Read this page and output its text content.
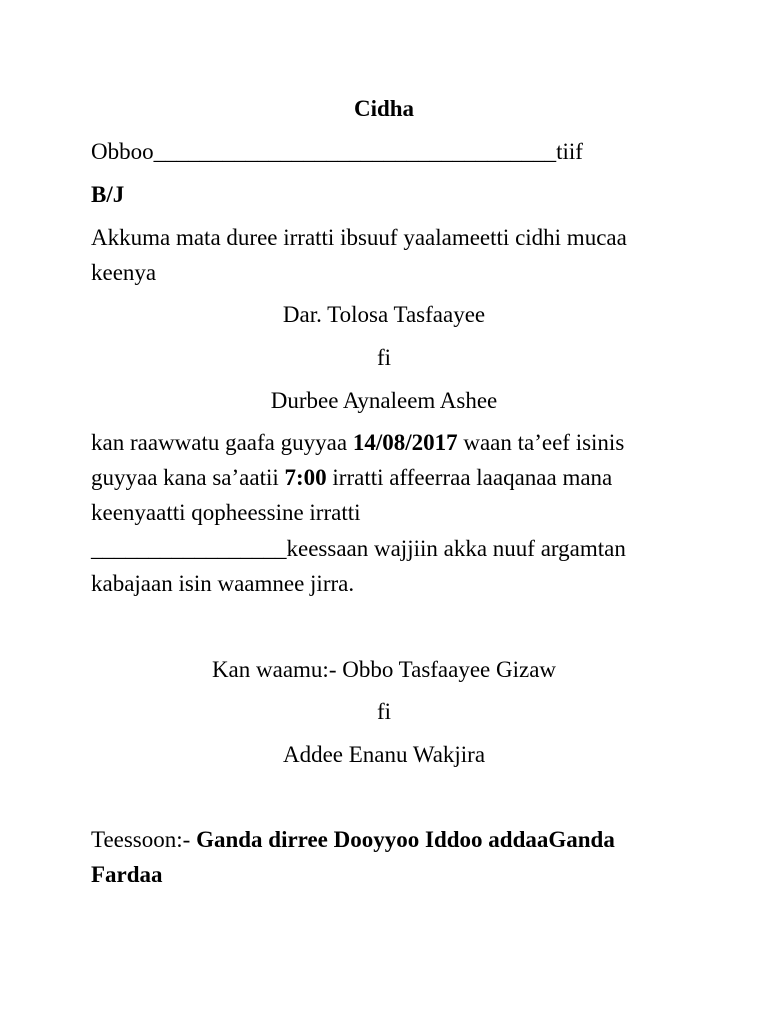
Cidha
Obboo___________________________________tiif
B/J
Akkuma mata duree irratti ibsuuf yaalameetti cidhi mucaa
keenya
Dar. Tolosa Tasfaayee
fi
Durbee Aynaleem Ashee
kan raawwatu gaafa guyyaa 14/08/2017 waan ta’eef isinis
guyyaa kana sa’aatii 7:00 irratti affeerraa laaqanaa mana
keenyaatti qopheessine irratti
_________________keessaan wajjiin akka nuuf argamtan
kabajaan isin waamnee jirra.
Kan waamu:- Obbo Tasfaayee Gizaw
fi
Addee Enanu Wakjira
Teessoon:- Ganda dirree Dooyyoo Iddoo addaaGanda
Fardaa
